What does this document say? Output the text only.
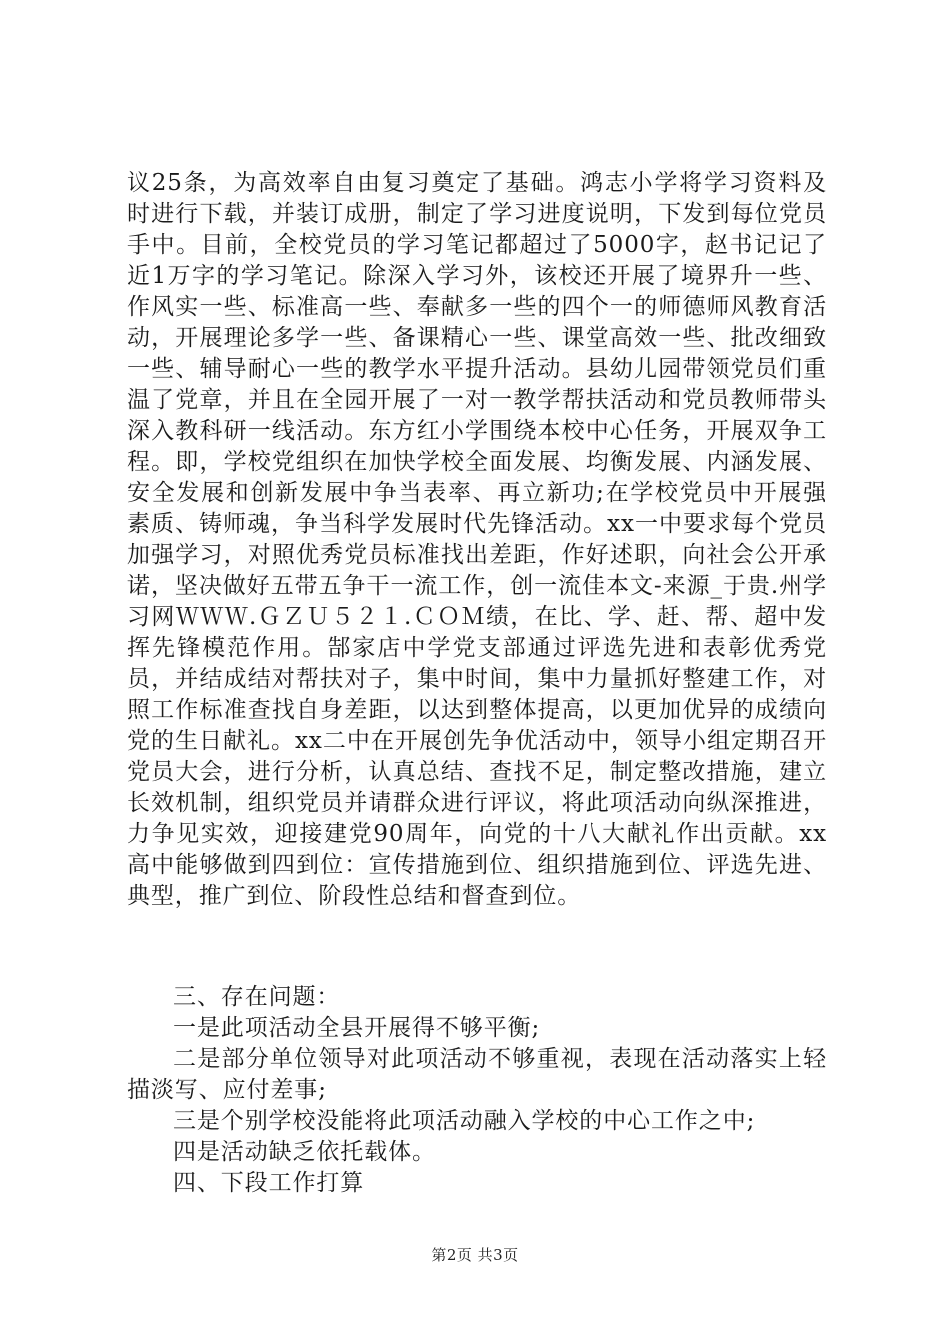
议25条，为高效率自由复习奠定了基础。鸿志小学将学习资料及时进行下载，并装订成册，制定了学习进度说明，下发到每位党员手中。目前，全校党员的学习笔记都超过了5000字，赵书记记了近1万字的学习笔记。除深入学习外，该校还开展了境界升一些、作风实一些、标准高一些、奉献多一些的四个一的师德师风教育活动，开展理论多学一些、备课精心一些、课堂高效一些、批改细致一些、辅导耐心一些的教学水平提升活动。县幼儿园带领党员们重温了党章，并且在全园开展了一对一教学帮扶活动和党员教师带头深入教科研一线活动。东方红小学围绕本校中心任务，开展双争工程。即，学校党组织在加快学校全面发展、均衡发展、内涵发展、安全发展和创新发展中争当表率、再立新功;在学校党员中开展强素质、铸师魂，争当科学发展时代先锋活动。xx一中要求每个党员加强学习，对照优秀党员标准找出差距，作好述职，向社会公开承诺，坚决做好五带五争干一流工作，创一流佳本文-来源_于贵.州学习网ＷＷＷ.ＧＺＵ５２１.ＣＯＭ绩，在比、学、赶、帮、超中发挥先锋模范作用。郜家店中学党支部通过评选先进和表彰优秀党员，并结成结对帮扶对子，集中时间，集中力量抓好整建工作，对照工作标准查找自身差距，以达到整体提高，以更加优异的成绩向党的生日献礼。xx二中在开展创先争优活动中，领导小组定期召开党员大会，进行分析，认真总结、查找不足，制定整改措施，建立长效机制，组织党员并请群众进行评议，将此项活动向纵深推进，力争见实效，迎接建党90周年，向党的十八大献礼作出贡献。xx高中能够做到四到位：宣传措施到位、组织措施到位、评选先进、典型，推广到位、阶段性总结和督查到位。

三、存在问题：
一是此项活动全县开展得不够平衡;
二是部分单位领导对此项活动不够重视，表现在活动落实上轻描淡写、应付差事;
三是个别学校没能将此项活动融入学校的中心工作之中;
四是活动缺乏依托载体。
四、下段工作打算
第2页 共3页
